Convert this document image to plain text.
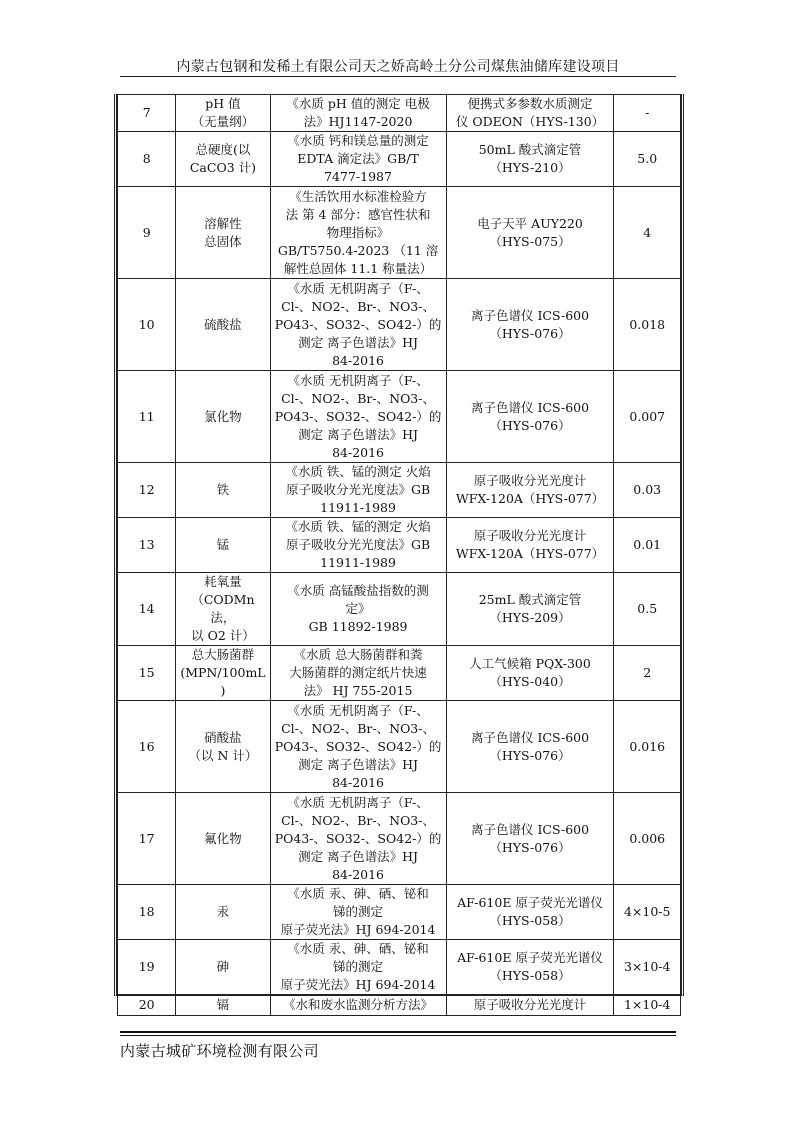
内蒙古包钢和发稀土有限公司天之娇高岭土分公司煤焦油储库建设项目
7	pH 值
（无量纲）	《水质 pH 值的测定 电极
法》HJ1147-2020	便携式多参数水质测定
仪 ODEON（HYS-130）	-

8	总硬度(以
CaCO3 计)	《水质 钙和镁总量的测定
EDTA 滴定法》GB/T
7477-1987	50mL 酸式滴定管
（HYS-210）	5.0

9	溶解性
总固体	《生活饮用水标准检验方
法 第 4 部分：感官性状和
物理指标》
GB/T5750.4-2023 （11 溶
解性总固体 11.1 称量法）	电子天平 AUY220
（HYS-075）	4

10	硫酸盐	《水质 无机阴离子（F-、
Cl-、NO2-、Br-、NO3-、
PO43-、SO32-、SO42-）的
测定 离子色谱法》HJ
84-2016	离子色谱仪 ICS-600
（HYS-076）	0.018

11	氯化物	《水质 无机阴离子（F-、
Cl-、NO2-、Br-、NO3-、
PO43-、SO32-、SO42-）的
测定 离子色谱法》HJ
84-2016	离子色谱仪 ICS-600
（HYS-076）	0.007

12	铁	《水质 铁、锰的测定 火焰
原子吸收分光光度法》GB
11911-1989	原子吸收分光光度计
WFX-120A（HYS-077）	0.03

13	锰	《水质 铁、锰的测定 火焰
原子吸收分光光度法》GB
11911-1989	原子吸收分光光度计
WFX-120A（HYS-077）	0.01

14	耗氧量
（CODMn 法，
以 O2 计）	《水质 高锰酸盐指数的测
定》
GB 11892-1989	25mL 酸式滴定管
（HYS-209）	0.5

15	总大肠菌群
(MPN/100mL
)	《水质 总大肠菌群和粪
大肠菌群的测定纸片快速
法》 HJ 755-2015	人工气候箱 PQX-300
（HYS-040）	2

16	硝酸盐
（以 N 计）	《水质 无机阴离子（F-、
Cl-、NO2-、Br-、NO3-、
PO43-、SO32-、SO42-）的
测定 离子色谱法》HJ
84-2016	离子色谱仪 ICS-600
（HYS-076）	0.016

17	氟化物	《水质 无机阴离子（F-、
Cl-、NO2-、Br-、NO3-、
PO43-、SO32-、SO42-）的
测定 离子色谱法》HJ
84-2016	离子色谱仪 ICS-600
（HYS-076）	0.006

18	汞	《水质 汞、砷、硒、铋和
锑的测定
原子荧光法》HJ 694-2014	AF-610E 原子荧光光谱仪
（HYS-058）	4×10-5

19	砷	《水质 汞、砷、硒、铋和
锑的测定
原子荧光法》HJ 694-2014	AF-610E 原子荧光光谱仪
（HYS-058）	3×10-4

20	镉	《水和废水监测分析方法》	原子吸收分光光度计	1×10-4
内蒙古城矿环境检测有限公司
